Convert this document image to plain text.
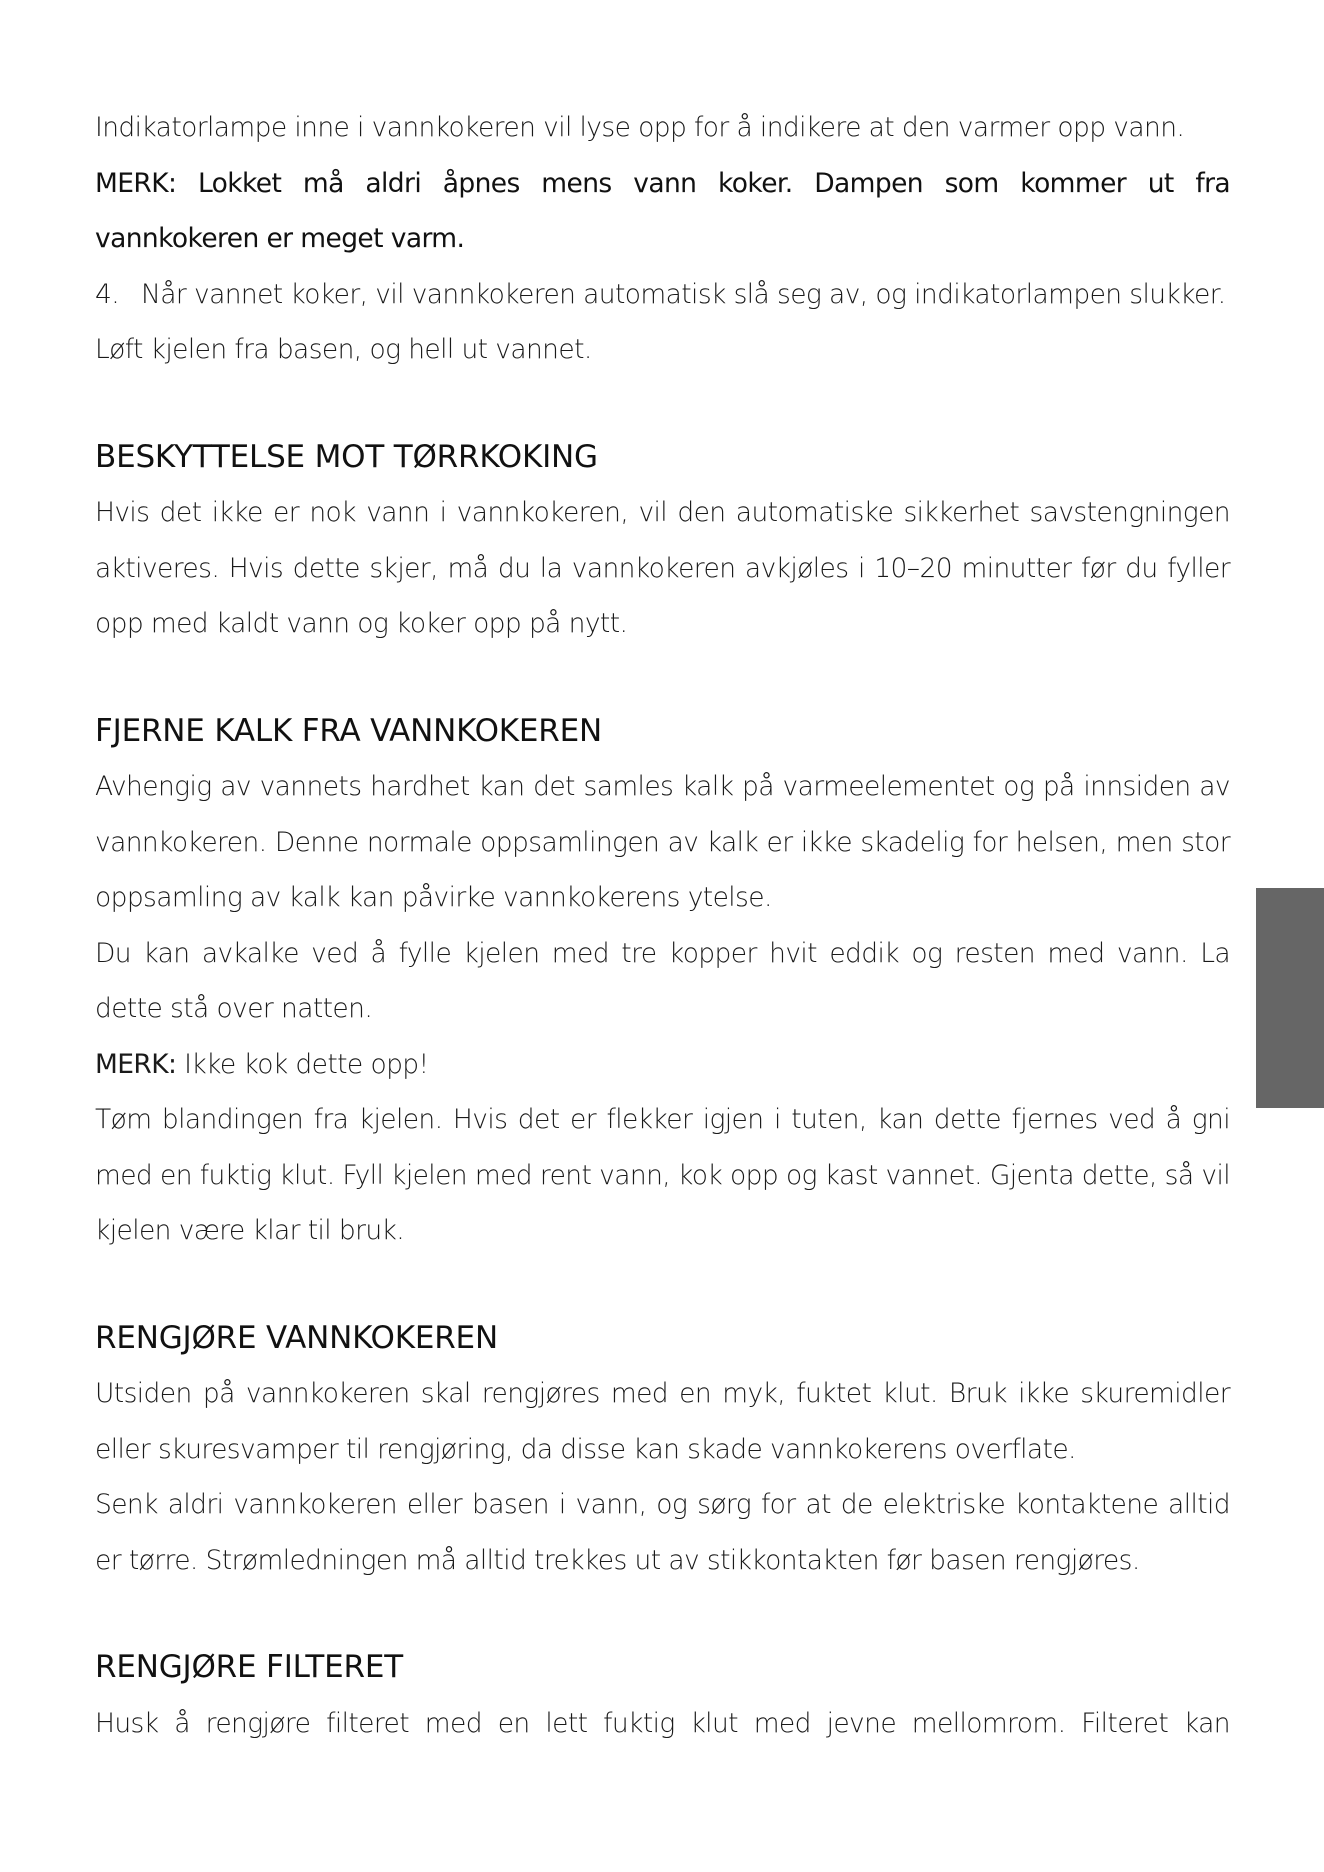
Indikatorlampe inne i vannkokeren vil lyse opp for å indikere at den varmer opp vann.

MERK: Lokket må aldri åpnes mens vann koker. Dampen som kommer ut fra vannkokeren er meget varm.

4. Når vannet koker, vil vannkokeren automatisk slå seg av, og indikatorlampen slukker.

Løft kjelen fra basen, og hell ut vannet.

BESKYTTELSE MOT TØRRKOKING

Hvis det ikke er nok vann i vannkokeren, vil den automatiske sikkerhet savstengningen aktiveres. Hvis dette skjer, må du la vannkokeren avkjøles i 10–20 minutter før du fyller opp med kaldt vann og koker opp på nytt.

FJERNE KALK FRA VANNKOKEREN

Avhengig av vannets hardhet kan det samles kalk på varmeelementet og på innsiden av vannkokeren. Denne normale oppsamlingen av kalk er ikke skadelig for helsen, men stor oppsamling av kalk kan påvirke vannkokerens ytelse.

Du kan avkalke ved å fylle kjelen med tre kopper hvit eddik og resten med vann. La dette stå over natten.

MERK: Ikke kok dette opp!

Tøm blandingen fra kjelen. Hvis det er flekker igjen i tuten, kan dette fjernes ved å gni med en fuktig klut. Fyll kjelen med rent vann, kok opp og kast vannet. Gjenta dette, så vil kjelen være klar til bruk.

RENGJØRE VANNKOKEREN

Utsiden på vannkokeren skal rengjøres med en myk, fuktet klut. Bruk ikke skuremidler eller skuresvamper til rengjøring, da disse kan skade vannkokerens overflate.

Senk aldri vannkokeren eller basen i vann, og sørg for at de elektriske kontaktene alltid er tørre. Strømledningen må alltid trekkes ut av stikkontakten før basen rengjøres.

RENGJØRE FILTERET

Husk å rengjøre filteret med en lett fuktig klut med jevne mellomrom. Filteret kan
